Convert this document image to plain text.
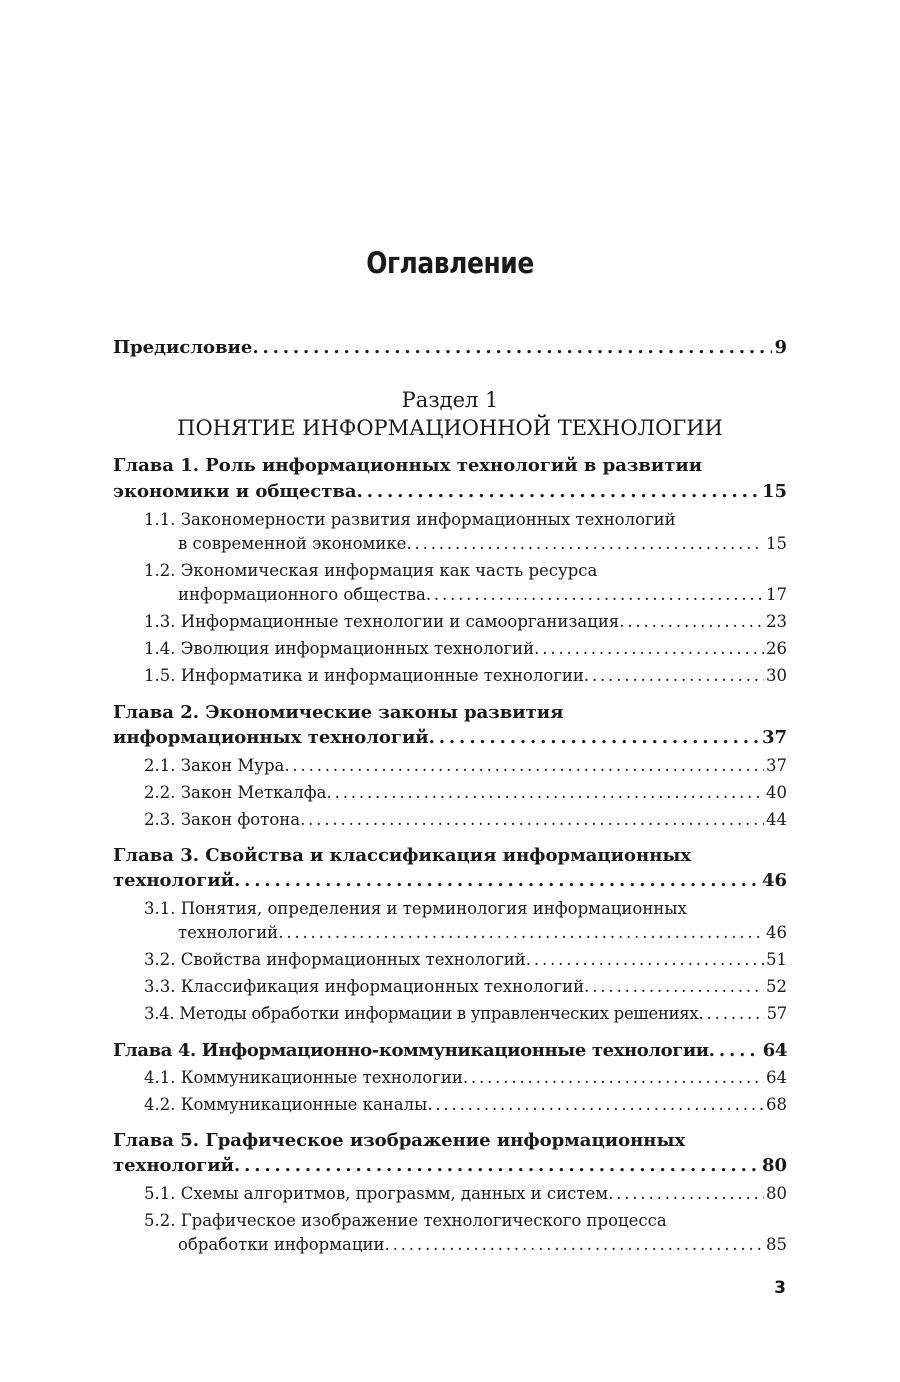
Оглавление
Предисловие . . .	9
Раздел 1
ПОНЯТИЕ ИНФОРМАЦИОННОЙ ТЕХНОЛОГИИ
Глава 1. Роль информационных технологий в развитии
экономики и общества . . .	15
1.1. Закономерности развития информационных технологий
в современной экономике . . .	15
1.2. Экономическая информация как часть ресурса
информационного общества . . .	17
1.3. Информационные технологии и самоорганизация . . .	23
1.4. Эволюция информационных технологий . . .	26
1.5. Информатика и информационные технологии . . .	30
Глава 2. Экономические законы развития
информационных технологий . . .	37
2.1. Закон Мура . . .	37
2.2. Закон Меткалфа . . .	40
2.3. Закон фотона . . .	44
Глава 3. Свойства и классификация информационных
технологий . . .	46
3.1. Понятия, определения и терминология информационных
технологий . . .	46
3.2. Свойства информационных технологий . . .	51
3.3. Классификация информационных технологий . . .	52
3.4. Методы обработки информации в управленческих решениях . . .	57
Глава 4. Информационно-коммуникационные технологии . . .	64
4.1. Коммуникационные технологии . . .	64
4.2. Коммуникационные каналы . . .	68
Глава 5. Графическое изображение информационных
технологий . . .	80
5.1. Схемы алгоритмов, програsмм, данных и систем . . .	80
5.2. Графическое изображение технологического процесса
обработки информации . . .	85
3
